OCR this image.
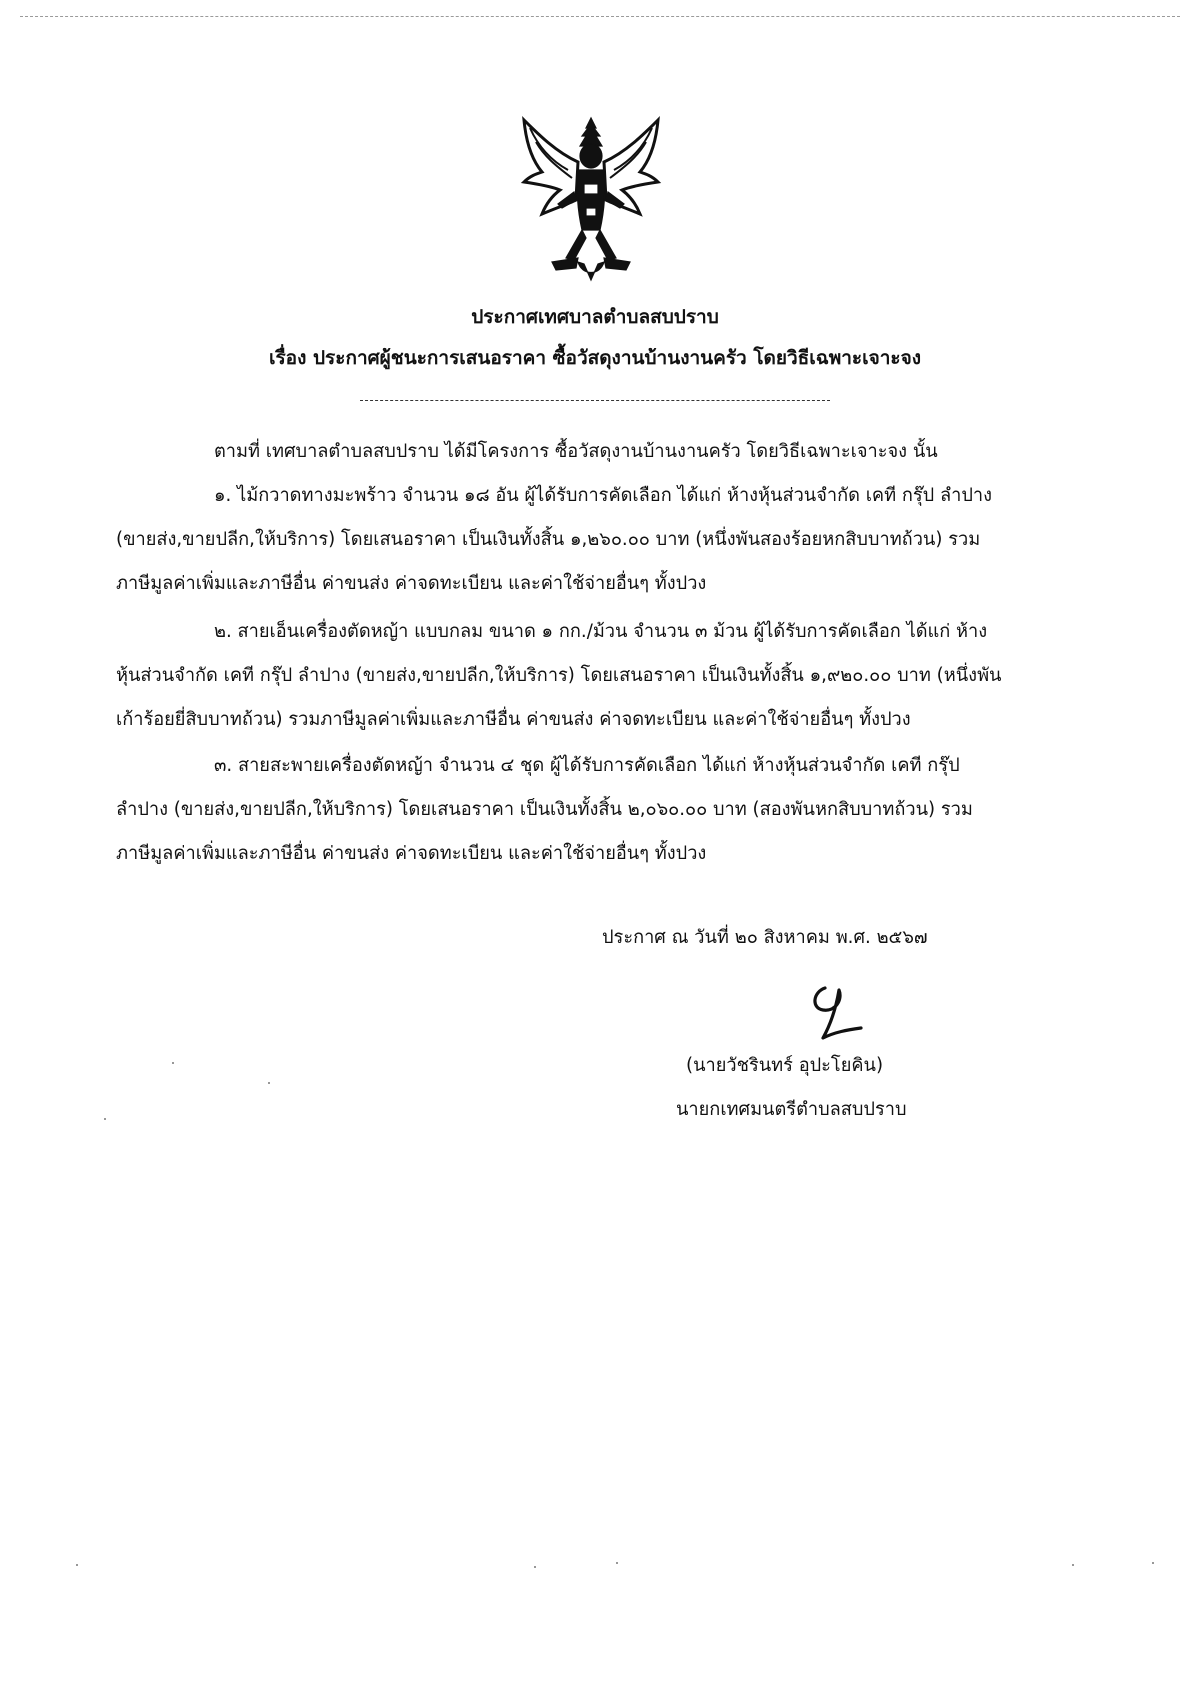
ประกาศเทศบาลตำบลสบปราบ
เรื่อง ประกาศผู้ชนะการเสนอราคา ซื้อวัสดุงานบ้านงานครัว โดยวิธีเฉพาะเจาะจง
ตามที่ เทศบาลตำบลสบปราบ ได้มีโครงการ ซื้อวัสดุงานบ้านงานครัว โดยวิธีเฉพาะเจาะจง นั้น
๑. ไม้กวาดทางมะพร้าว จำนวน ๑๘ อัน ผู้ได้รับการคัดเลือก ได้แก่ ห้างหุ้นส่วนจำกัด เคที กรุ๊ป ลำปาง
(ขายส่ง,ขายปลีก,ให้บริการ) โดยเสนอราคา เป็นเงินทั้งสิ้น ๑,๒๖๐.๐๐ บาท (หนึ่งพันสองร้อยหกสิบบาทถ้วน) รวม
ภาษีมูลค่าเพิ่มและภาษีอื่น ค่าขนส่ง ค่าจดทะเบียน และค่าใช้จ่ายอื่นๆ ทั้งปวง
๒. สายเอ็นเครื่องตัดหญ้า แบบกลม ขนาด ๑ กก./ม้วน จำนวน ๓ ม้วน ผู้ได้รับการคัดเลือก ได้แก่ ห้าง
หุ้นส่วนจำกัด เคที กรุ๊ป ลำปาง (ขายส่ง,ขายปลีก,ให้บริการ) โดยเสนอราคา เป็นเงินทั้งสิ้น ๑,๙๒๐.๐๐ บาท (หนึ่งพัน
เก้าร้อยยี่สิบบาทถ้วน) รวมภาษีมูลค่าเพิ่มและภาษีอื่น ค่าขนส่ง ค่าจดทะเบียน และค่าใช้จ่ายอื่นๆ ทั้งปวง
๓. สายสะพายเครื่องตัดหญ้า จำนวน ๔ ชุด ผู้ได้รับการคัดเลือก ได้แก่ ห้างหุ้นส่วนจำกัด เคที กรุ๊ป
ลำปาง (ขายส่ง,ขายปลีก,ให้บริการ) โดยเสนอราคา เป็นเงินทั้งสิ้น ๒,๐๖๐.๐๐ บาท (สองพันหกสิบบาทถ้วน) รวม
ภาษีมูลค่าเพิ่มและภาษีอื่น ค่าขนส่ง ค่าจดทะเบียน และค่าใช้จ่ายอื่นๆ ทั้งปวง
ประกาศ ณ วันที่ ๒๐ สิงหาคม พ.ศ. ๒๕๖๗
(นายวัชรินทร์ อุปะโยคิน)
นายกเทศมนตรีตำบลสบปราบ
